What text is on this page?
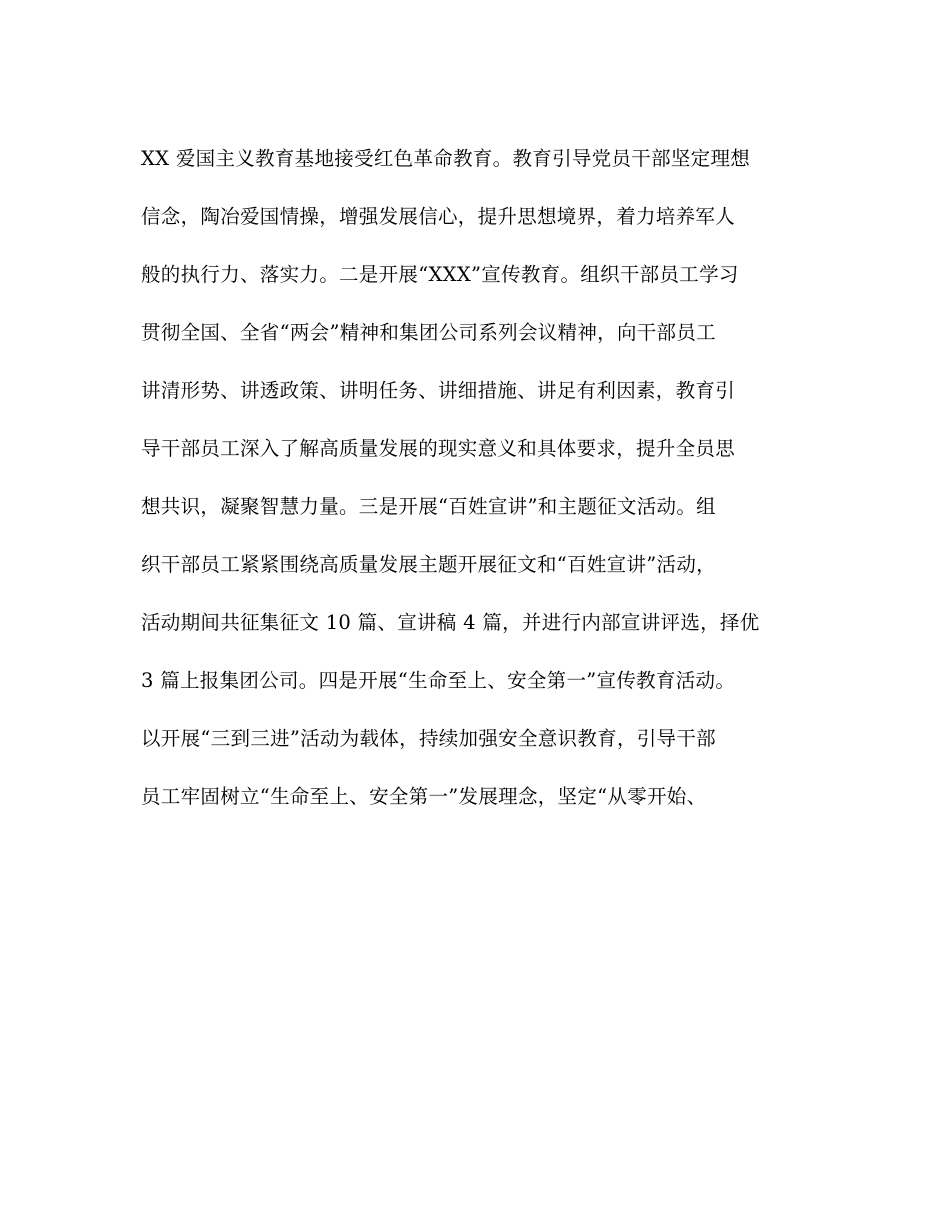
XX 爱国主义教育基地接受红色革命教育。教育引导党员干部坚定理想
信念，陶冶爱国情操，增强发展信心，提升思想境界，着力培养军人
般的执行力、落实力。二是开展“XXX”宣传教育。组织干部员工学习
贯彻全国、全省“两会”精神和集团公司系列会议精神，向干部员工
讲清形势、讲透政策、讲明任务、讲细措施、讲足有利因素，教育引
导干部员工深入了解高质量发展的现实意义和具体要求，提升全员思
想共识，凝聚智慧力量。三是开展“百姓宣讲”和主题征文活动。组
织干部员工紧紧围绕高质量发展主题开展征文和“百姓宣讲”活动，
活动期间共征集征文 10 篇、宣讲稿 4 篇，并进行内部宣讲评选，择优
3 篇上报集团公司。四是开展“生命至上、安全第一”宣传教育活动。
以开展“三到三进”活动为载体，持续加强安全意识教育，引导干部
员工牢固树立“生命至上、安全第一”发展理念，坚定“从零开始、
